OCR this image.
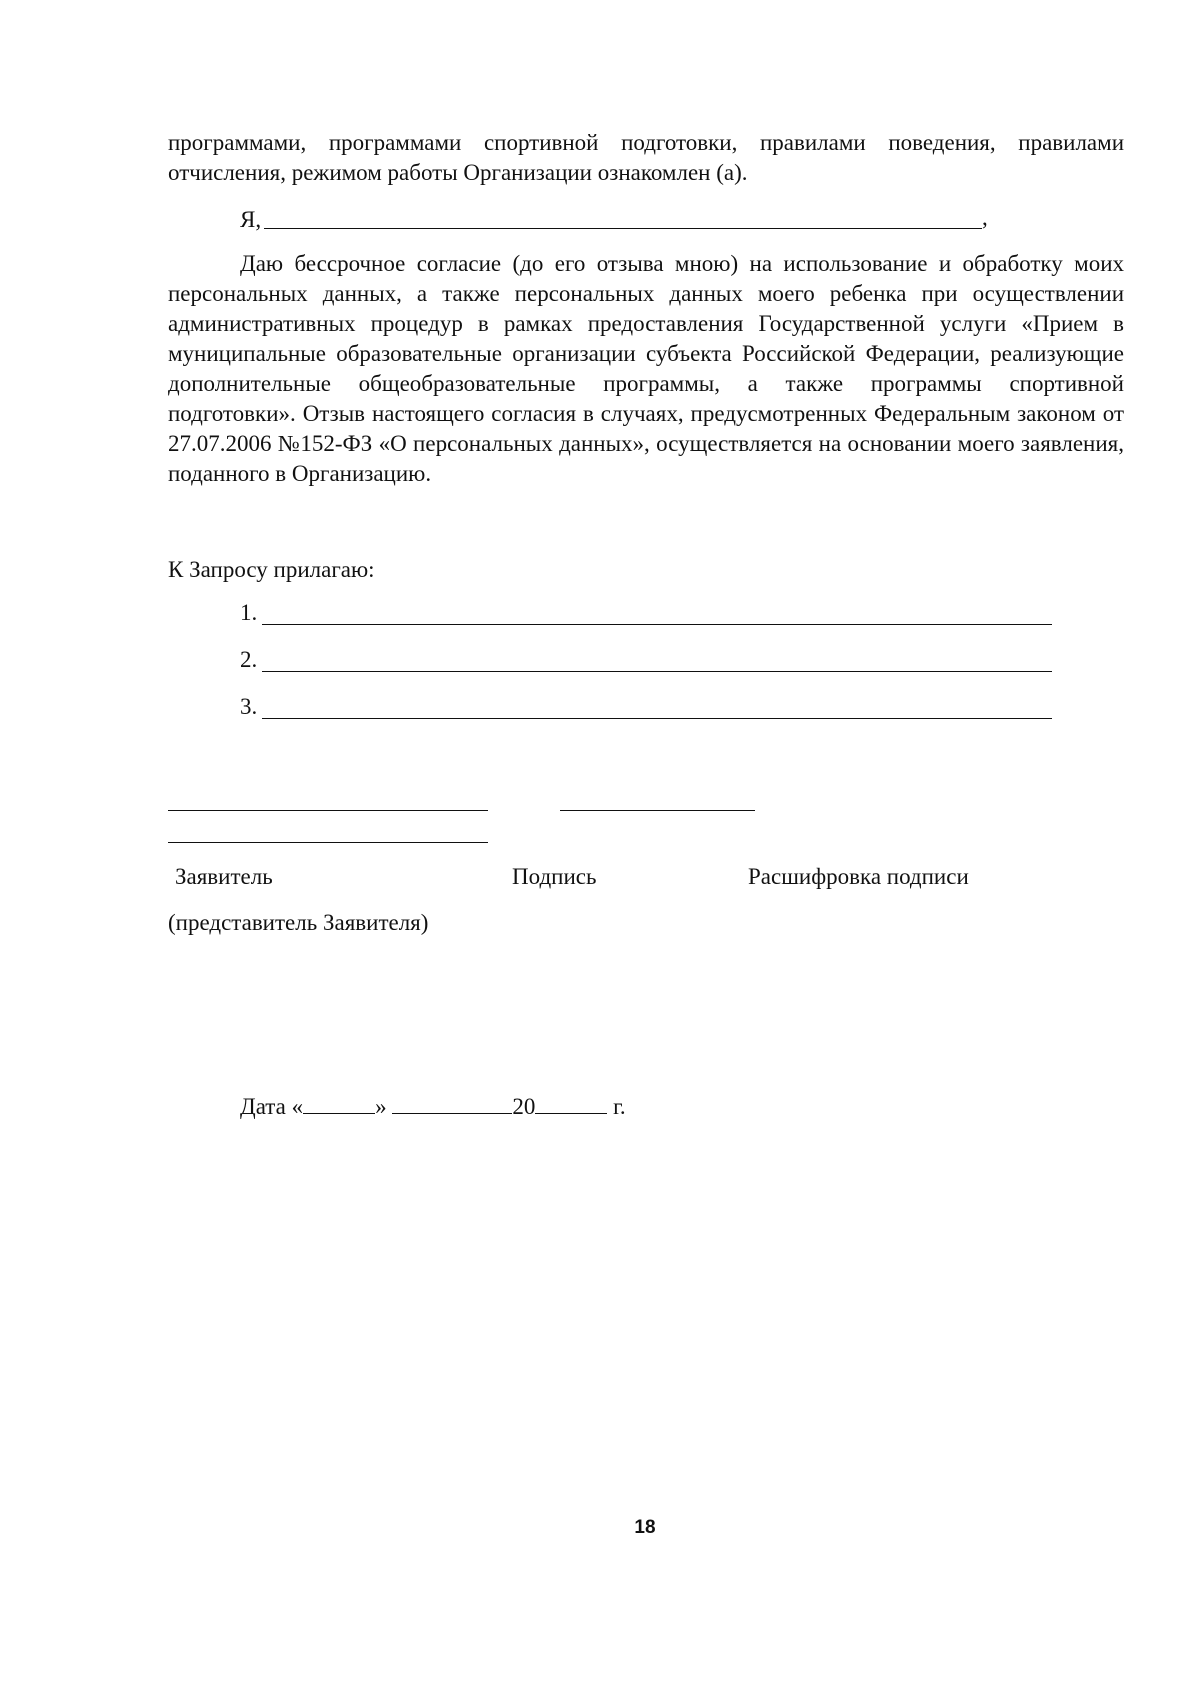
программами, программами спортивной подготовки, правилами поведения, правилами отчисления, режимом работы Организации ознакомлен (а).

Я,	,

Даю бессрочное согласие (до его отзыва мною) на использование и обработку моих персональных данных, а также персональных данных моего ребенка при осуществлении административных процедур в рамках предоставления Государственной услуги «Прием в муниципальные образовательные организации субъекта Российской Федерации, реализующие дополнительные общеобразовательные программы, а также программы спортивной подготовки». Отзыв настоящего согласия в случаях, предусмотренных Федеральным законом от 27.07.2006 №152-ФЗ «О персональных данных», осуществляется на основании моего заявления, поданного в Организацию.

К Запросу прилагаю:
1.
2.
3.
Заявитель	Подпись	Расшифровка подписи
(представитель Заявителя)
Дата «	»	20	г.
18
